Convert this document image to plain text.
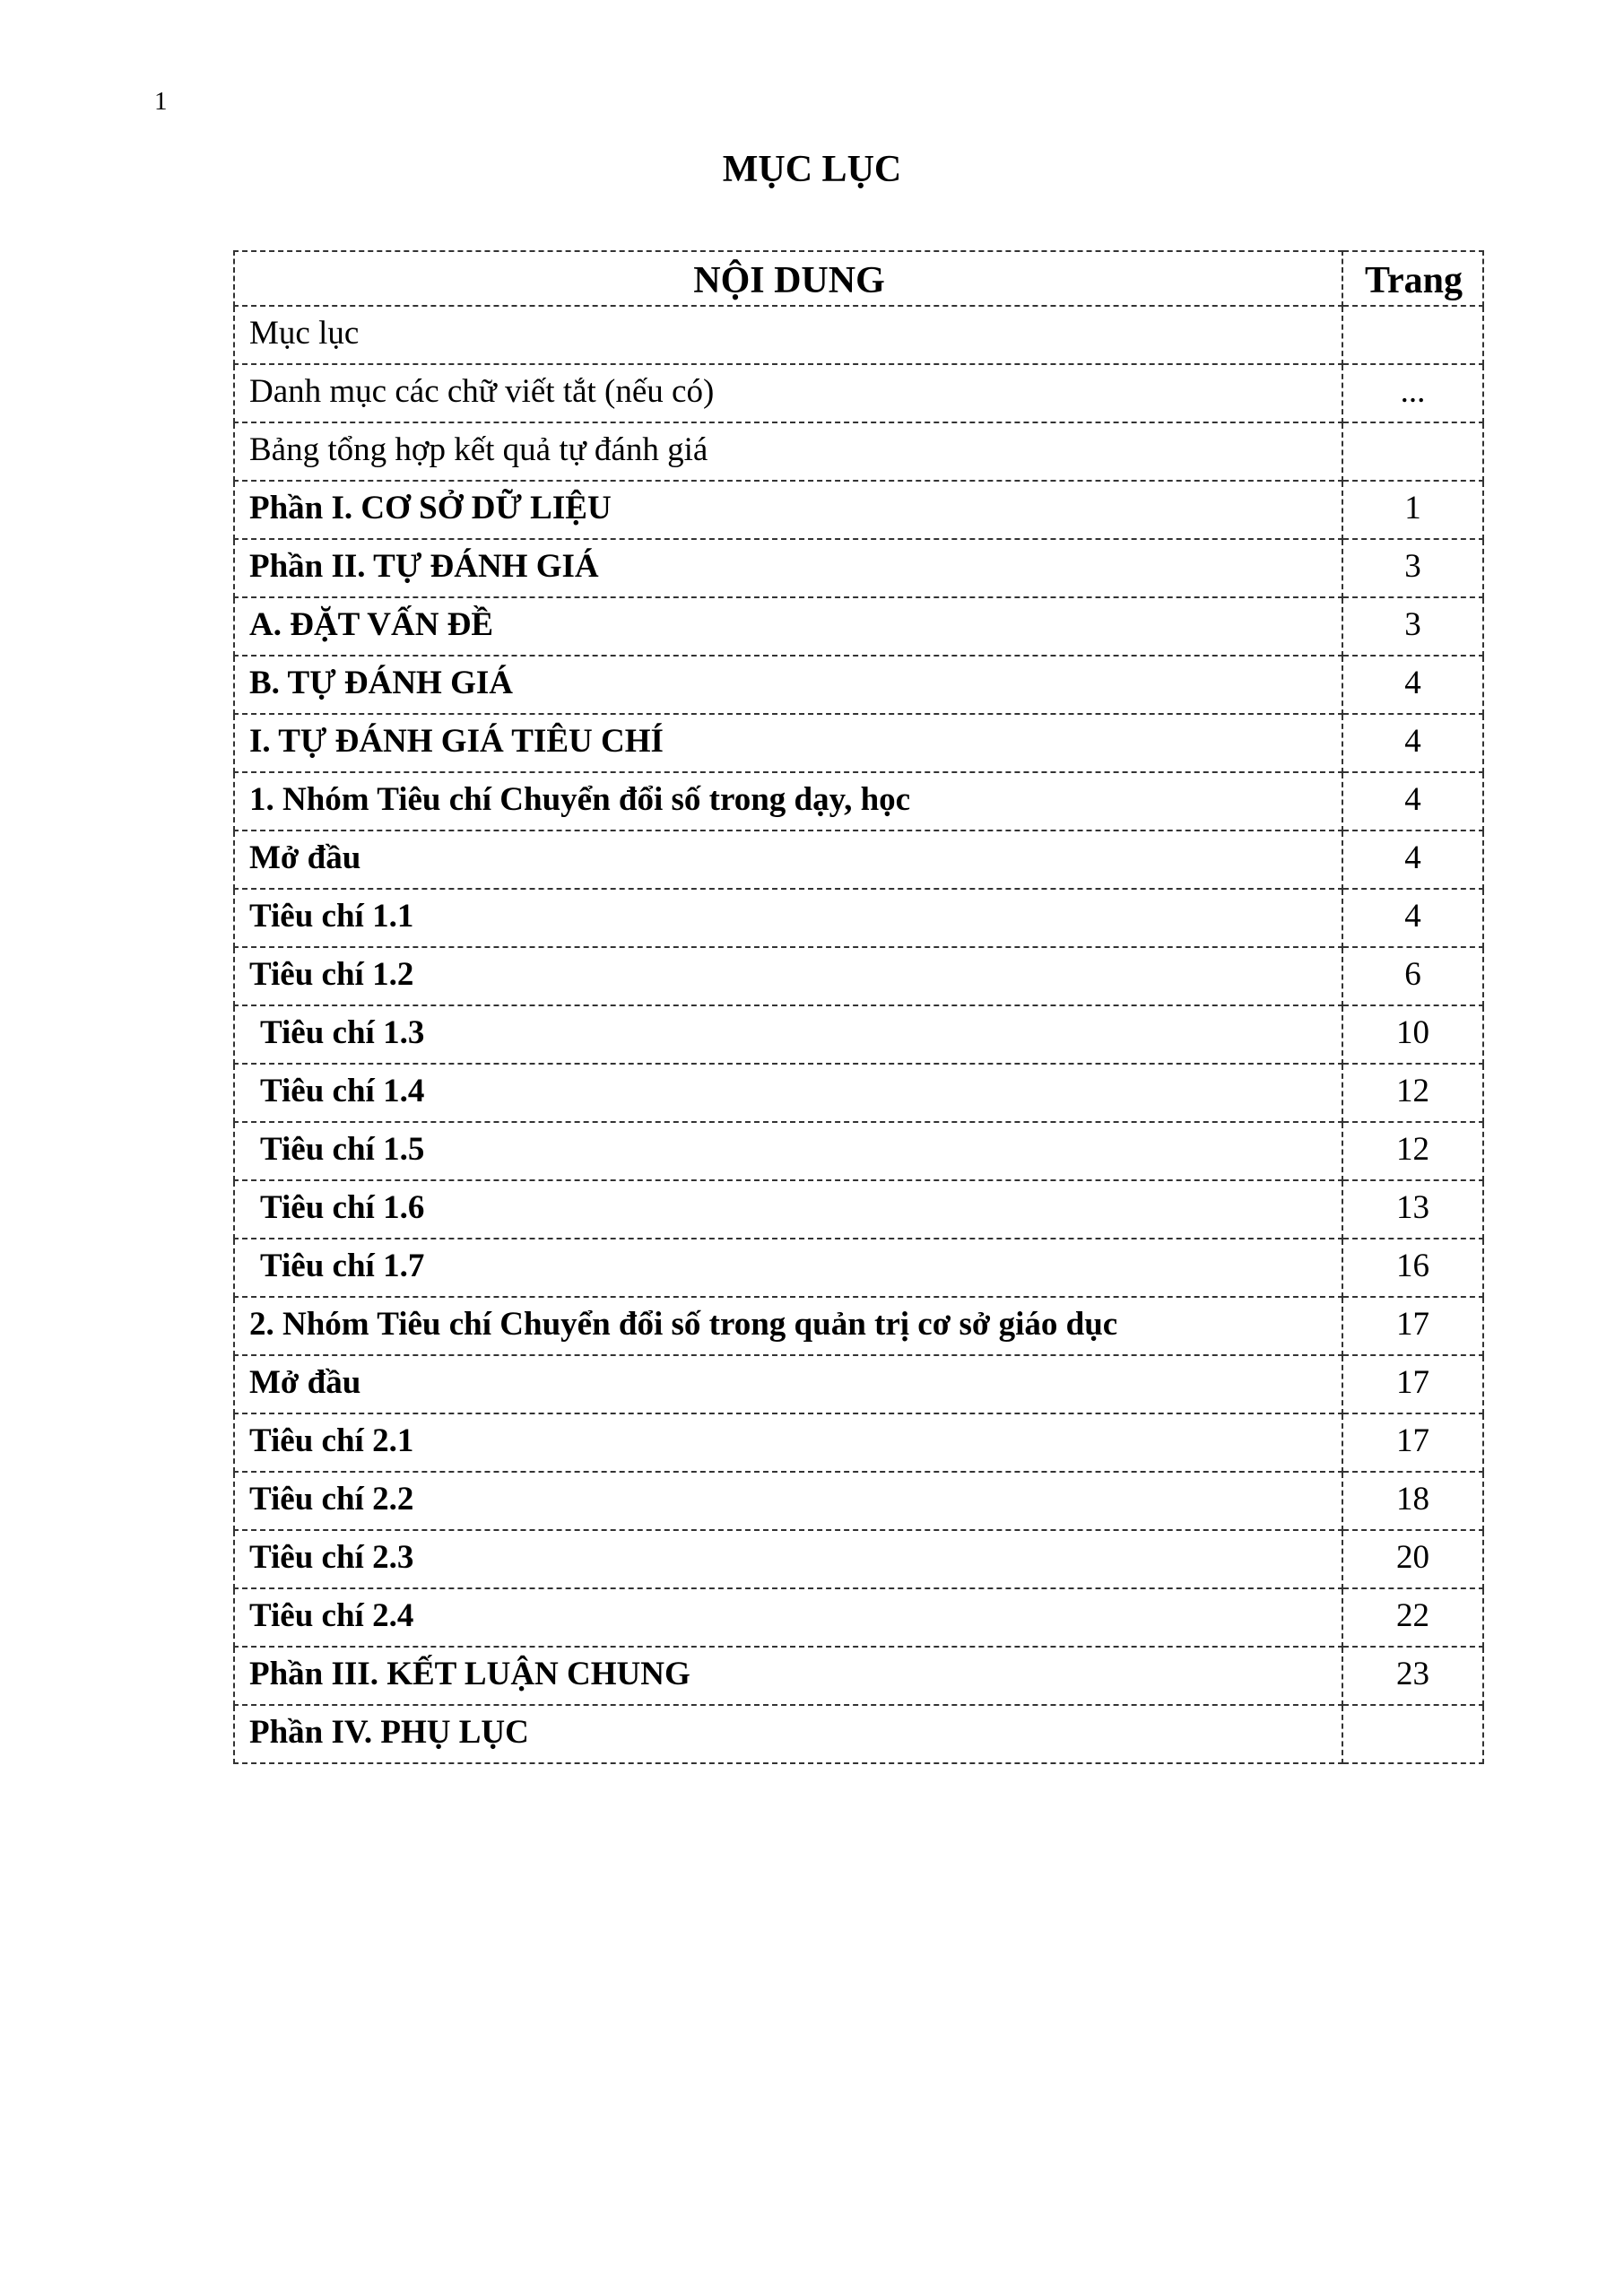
1
MỤC LỤC
NỘI DUNG	Trang
Mục lục	
Danh mục các chữ viết tắt (nếu có)	...
Bảng tổng hợp kết quả tự đánh giá	
Phần I. CƠ SỞ DỮ LIỆU	1
Phần II. TỰ ĐÁNH GIÁ	3
A. ĐẶT VẤN ĐỀ	3
B. TỰ ĐÁNH GIÁ	4
I. TỰ ĐÁNH GIÁ TIÊU CHÍ	4
1. Nhóm Tiêu chí Chuyển đổi số trong dạy, học	4
Mở đầu	4
Tiêu chí 1.1	4
Tiêu chí 1.2	6
Tiêu chí 1.3	10
Tiêu chí 1.4	12
Tiêu chí 1.5	12
Tiêu chí 1.6	13
Tiêu chí 1.7	16
2. Nhóm Tiêu chí Chuyển đổi số trong quản trị cơ sở giáo dục	17
Mở đầu	17
Tiêu chí 2.1	17
Tiêu chí 2.2	18
Tiêu chí 2.3	20
Tiêu chí 2.4	22
Phần III. KẾT LUẬN CHUNG	23
Phần IV. PHỤ LỤC	
